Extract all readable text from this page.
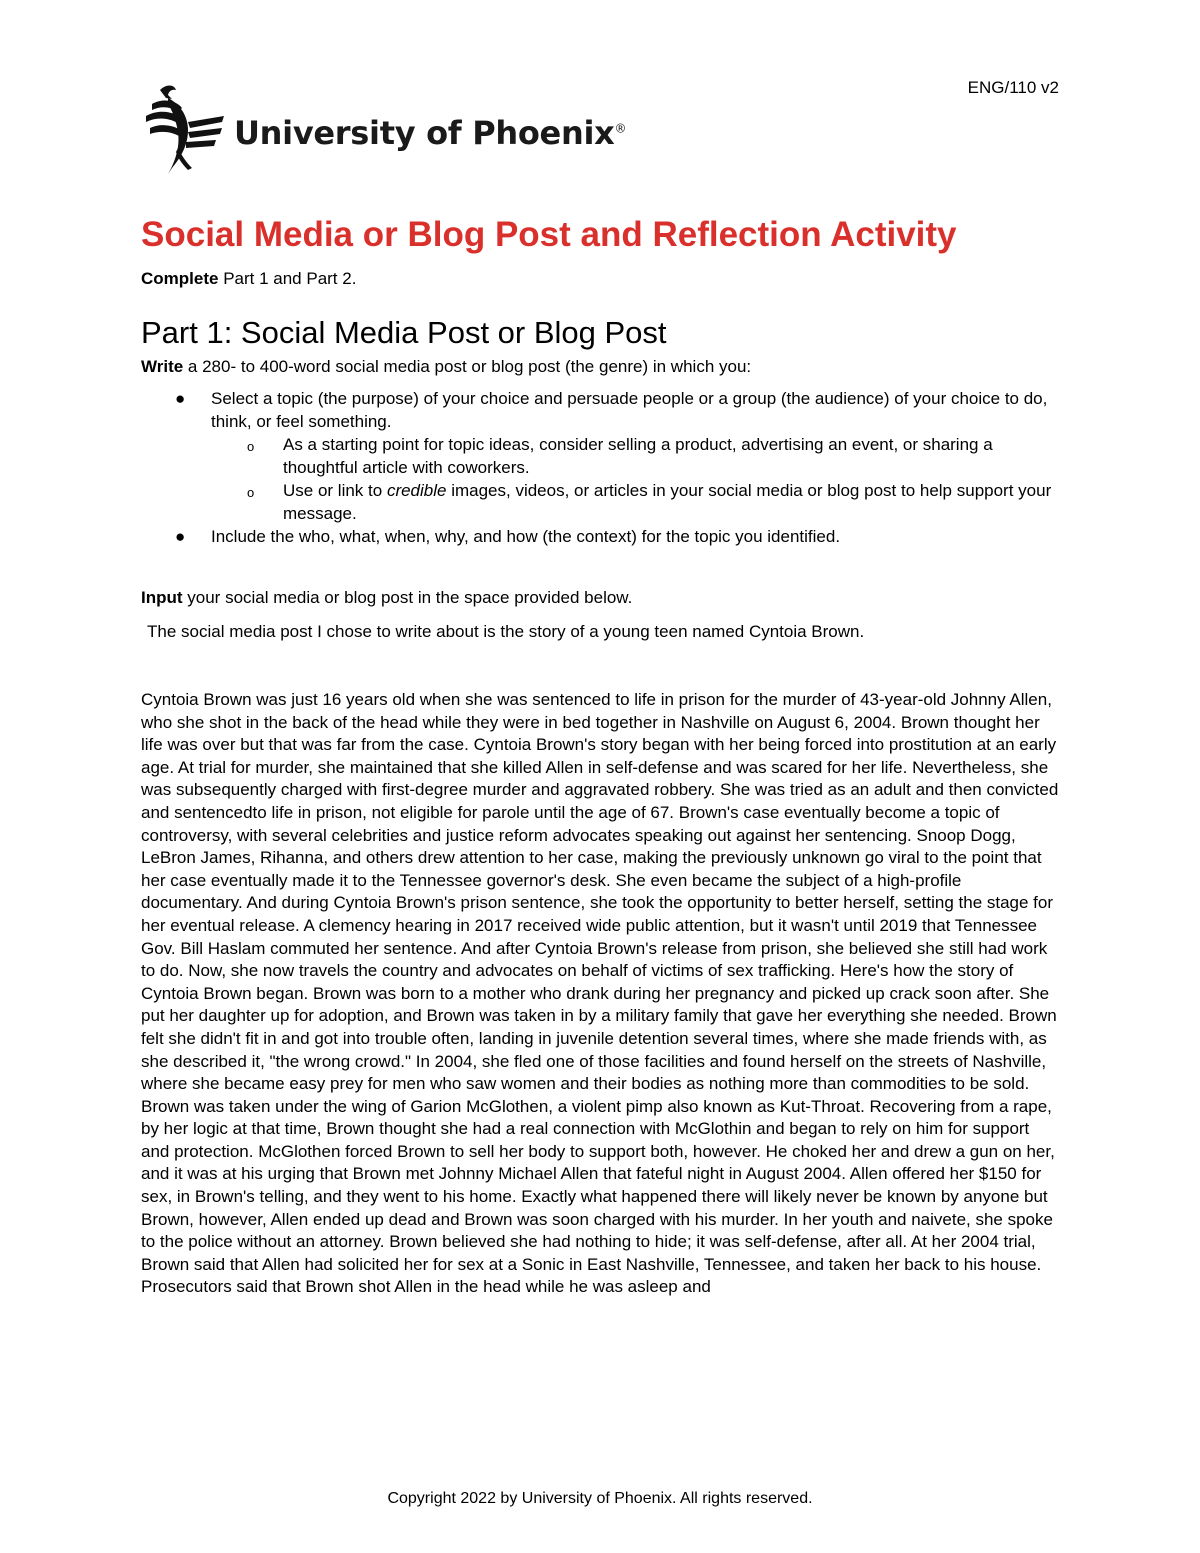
ENG/110 v2
University of Phoenix®
Social Media or Blog Post and Reflection Activity
Complete Part 1 and Part 2.
Part 1: Social Media Post or Blog Post
Write a 280- to 400-word social media post or blog post (the genre) in which you:
● Select a topic (the purpose) of your choice and persuade people or a group (the audience) of your choice to do, think, or feel something.
o As a starting point for topic ideas, consider selling a product, advertising an event, or sharing a thoughtful article with coworkers.
o Use or link to credible images, videos, or articles in your social media or blog post to help support your message.
● Include the who, what, when, why, and how (the context) for the topic you identified.
Input your social media or blog post in the space provided below.
The social media post I chose to write about is the story of a young teen named Cyntoia Brown.
Cyntoia Brown was just 16 years old when she was sentenced to life in prison for the murder of 43-year-old Johnny Allen, who she shot in the back of the head while they were in bed together in Nashville on August 6, 2004. Brown thought her life was over but that was far from the case. Cyntoia Brown's story began with her being forced into prostitution at an early age. At trial for murder, she maintained that she killed Allen in self-defense and was scared for her life. Nevertheless, she was subsequently charged with first-degree murder and aggravated robbery. She was tried as an adult and then convicted and sentencedto life in prison, not eligible for parole until the age of 67. Brown's case eventually become a topic of controversy, with several celebrities and justice reform advocates speaking out against her sentencing. Snoop Dogg, LeBron James, Rihanna, and others drew attention to her case, making the previously unknown go viral to the point that her case eventually made it to the Tennessee governor's desk. She even became the subject of a high-profile documentary. And during Cyntoia Brown's prison sentence, she took the opportunity to better herself, setting the stage for her eventual release. A clemency hearing in 2017 received wide public attention, but it wasn't until 2019 that Tennessee Gov. Bill Haslam commuted her sentence. And after Cyntoia Brown's release from prison, she believed she still had work to do. Now, she now travels the country and advocates on behalf of victims of sex trafficking. Here's how the story of Cyntoia Brown began. Brown was born to a mother who drank during her pregnancy and picked up crack soon after. She put her daughter up for adoption, and Brown was taken in by a military family that gave her everything she needed. Brown felt she didn't fit in and got into trouble often, landing in juvenile detention several times, where she made friends with, as she described it, "the wrong crowd." In 2004, she fled one of those facilities and found herself on the streets of Nashville, where she became easy prey for men who saw women and their bodies as nothing more than commodities to be sold. Brown was taken under the wing of Garion McGlothen, a violent pimp also known as Kut-Throat. Recovering from a rape, by her logic at that time, Brown thought she had a real connection with McGlothin and began to rely on him for support and protection. McGlothen forced Brown to sell her body to support both, however. He choked her and drew a gun on her, and it was at his urging that Brown met Johnny Michael Allen that fateful night in August 2004. Allen offered her $150 for sex, in Brown's telling, and they went to his home. Exactly what happened there will likely never be known by anyone but Brown, however, Allen ended up dead and Brown was soon charged with his murder. In her youth and naivete, she spoke to the police without an attorney. Brown believed she had nothing to hide; it was self-defense, after all. At her 2004 trial, Brown said that Allen had solicited her for sex at a Sonic in East Nashville, Tennessee, and taken her back to his house. Prosecutors said that Brown shot Allen in the head while he was asleep and
Copyright 2022 by University of Phoenix. All rights reserved.
